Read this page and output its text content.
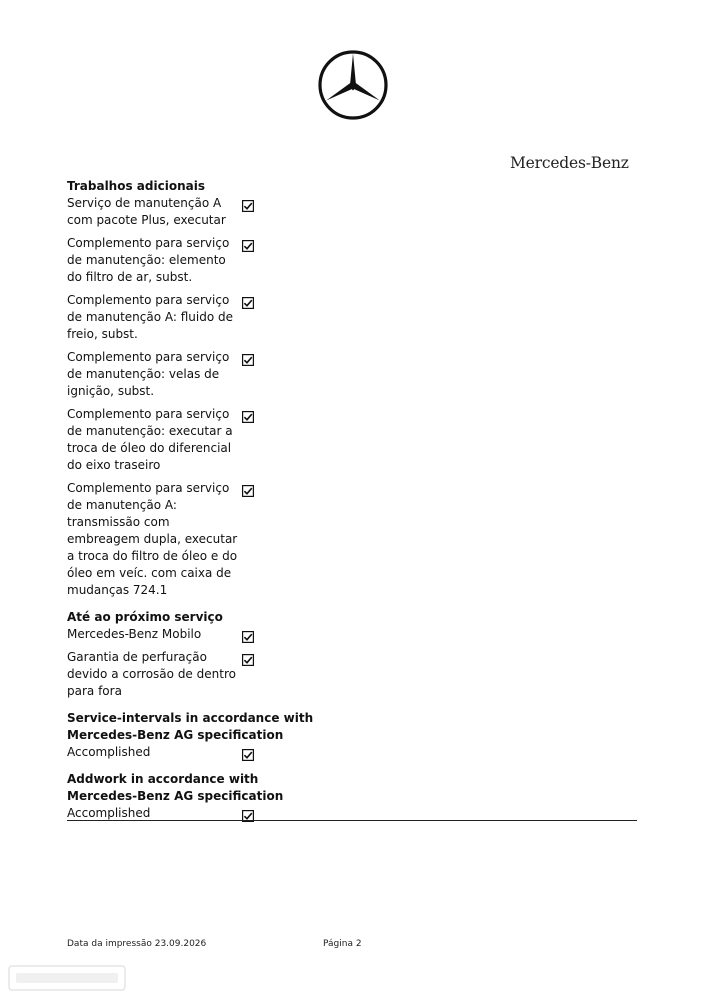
Mercedes-Benz
Trabalhos adicionais
Serviço de manutenção A com pacote Plus, executar
Complemento para serviço de manutenção: elemento do filtro de ar, subst.
Complemento para serviço de manutenção A: fluido de freio, subst.
Complemento para serviço de manutenção: velas de ignição, subst.
Complemento para serviço de manutenção: executar a troca de óleo do diferencial do eixo traseiro
Complemento para serviço de manutenção A: transmissão com embreagem dupla, executar a troca do filtro de óleo e do óleo em veíc. com caixa de mudanças 724.1
Até ao próximo serviço
Mercedes-Benz Mobilo
Garantia de perfuração devido a corrosão de dentro para fora
Service-intervals in accordance with Mercedes-Benz AG specification
Accomplished
Addwork in accordance with Mercedes-Benz AG specification
Accomplished
Data da impressão 23.09.2026	Página 2
